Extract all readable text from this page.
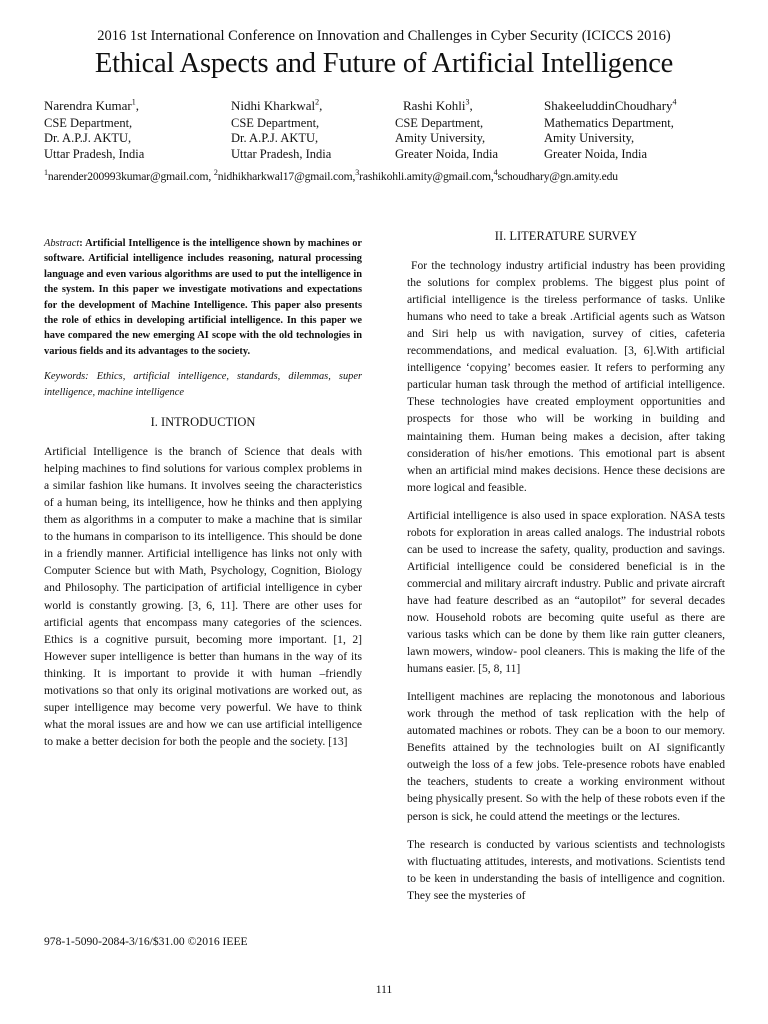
2016 1st International Conference on Innovation and Challenges in Cyber Security (ICICCS 2016)
Ethical Aspects and Future of Artificial Intelligence
Narendra Kumar$^1$,
CSE Department,
Dr. A.P.J. AKTU,
Uttar Pradesh, India
Nidhi Kharkwal$^2$,
CSE Department,
Dr. A.P.J. AKTU,
Uttar Pradesh, India
Rashi Kohli$^3$,
CSE Department,
Amity University,
Greater Noida, India
ShakeeluddinChoudhary$^4$
Mathematics Department,
Amity University,
Greater Noida, India
$^1$narender200993kumar@gmail.com, $^2$nidhikharkwal17@gmail.com,$^3$rashikohli.amity@gmail.com,$^4$schoudhary@gn.amity.edu
Abstract: Artificial Intelligence is the intelligence shown by machines or software. Artificial intelligence includes reasoning, natural processing language and even various algorithms are used to put the intelligence in the system. In this paper we investigate motivations and expectations for the development of Machine Intelligence. This paper also presents the role of ethics in developing artificial intelligence. In this paper we have compared the new emerging AI scope with the old technologies in various fields and its advantages to the society.
Keywords: Ethics, artificial intelligence, standards, dilemmas, super intelligence, machine intelligence
I. INTRODUCTION

Artificial Intelligence is the branch of Science that deals with helping machines to find solutions for various complex problems in a similar fashion like humans. It involves seeing the characteristics of a human being, its intelligence, how he thinks and then applying them as algorithms in a computer to make a machine that is similar to the humans in comparison to its intelligence. This should be done in a friendly manner. Artificial intelligence has links not only with Computer Science but with Math, Psychology, Cognition, Biology and Philosophy. The participation of artificial intelligence in cyber world is constantly growing. [3, 6, 11]. There are other uses for artificial agents that encompass many categories of the sciences. Ethics is a cognitive pursuit, becoming more important. [1, 2] However super intelligence is better than humans in the way of its thinking. It is important to provide it with human –friendly motivations so that only its original motivations are worked out, as super intelligence may become very powerful. We have to think what the moral issues are and how we can use artificial intelligence to make a better decision for both the people and the society. [13]

II. LITERATURE SURVEY

For the technology industry artificial industry has been providing the solutions for complex problems. The biggest plus point of artificial intelligence is the tireless performance of tasks. Unlike humans who need to take a break .Artificial agents such as Watson and Siri help us with navigation, survey of cities, cafeteria recommendations, and medical evaluation. [3, 6].With artificial intelligence ‘copying’ becomes easier. It refers to performing any particular human task through the method of artificial intelligence. These technologies have created employment opportunities and prospects for those who will be working in building and maintaining them. Human being makes a decision, after taking consideration of his/her emotions. This emotional part is absent when an artificial mind makes decisions. Hence these decisions are more logical and feasible.

Artificial intelligence is also used in space exploration. NASA tests robots for exploration in areas called analogs. The industrial robots can be used to increase the safety, quality, production and savings. Artificial intelligence could be considered beneficial is in the commercial and military aircraft industry. Public and private aircraft have had feature described as an “autopilot” for several decades now. Household robots are becoming quite useful as there are various tasks which can be done by them like rain gutter cleaners, lawn mowers, window- pool cleaners. This is making the life of the humans easier. [5, 8, 11]

Intelligent machines are replacing the monotonous and laborious work through the method of task replication with the help of automated machines or robots. They can be a boon to our memory. Benefits attained by the technologies built on AI significantly outweigh the loss of a few jobs. Tele-presence robots have enabled the teachers, students to create a working environment without being physically present. So with the help of these robots even if the person is sick, he could attend the meetings or the lectures.

The research is conducted by various scientists and technologists with fluctuating attitudes, interests, and motivations. Scientists tend to be keen in understanding the basis of intelligence and cognition. They see the mysteries of

978-1-5090-2084-3/16/$31.00 ©2016 IEEE
111
